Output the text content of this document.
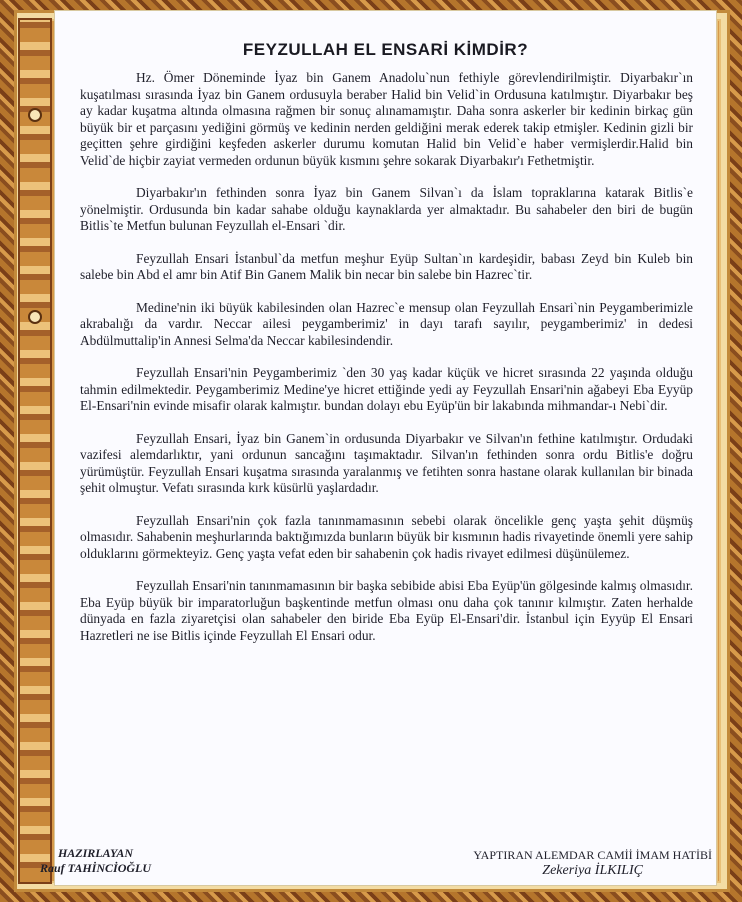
FEYZULLAH EL ENSARİ KİMDİR?

Hz. Ömer Döneminde İyaz bin Ganem Anadolu`nun fethiyle görevlendirilmiştir. Diyarbakır`ın kuşatılması sırasında İyaz bin Ganem ordusuyla beraber Halid bin Velid`in Ordusuna katılmıştır. Diyarbakır beş ay kadar kuşatma altında olmasına rağmen bir sonuç alınamamıştır. Daha sonra askerler bir kedinin birkaç gün büyük bir et parçasını yediğini görmüş ve kedinin nerden geldiğini merak ederek takip etmişler. Kedinin gizli bir geçitten şehre girdiğini keşfeden askerler durumu komutan Halid bin Velid`e haber vermişlerdir.Halid bin Velid`de hiçbir zayiat vermeden ordunun büyük kısmını şehre sokarak Diyarbakır'ı Fethetmiştir.

Diyarbakır'ın fethinden sonra İyaz bin Ganem Silvan`ı da İslam topraklarına katarak Bitlis`e yönelmiştir. Ordusunda bin kadar sahabe olduğu kaynaklarda yer almaktadır. Bu sahabeler den biri de bugün Bitlis`te Metfun bulunan Feyzullah el-Ensari `dir.

Feyzullah Ensari İstanbul`da metfun meşhur Eyüp Sultan`ın kardeşidir, babası Zeyd bin Kuleb bin salebe bin Abd el amr bin Atif Bin Ganem Malik bin necar bin salebe bin Hazrec`tir.

Medine'nin iki büyük kabilesinden olan Hazrec`e mensup olan Feyzullah Ensari`nin Peygamberimizle akrabalığı da vardır. Neccar ailesi peygamberimiz' in dayı tarafı sayılır, peygamberimiz' in dedesi Abdülmuttalip'in Annesi Selma'da Neccar kabilesindendir.

Feyzullah Ensari'nin Peygamberimiz `den 30 yaş kadar küçük ve hicret sırasında 22 yaşında olduğu tahmin edilmektedir. Peygamberimiz Medine'ye hicret ettiğinde yedi ay Feyzullah Ensari'nin ağabeyi Eba Eyyüp El-Ensari'nin evinde misafir olarak kalmıştır. bundan dolayı ebu Eyüp'ün bir lakabında mihmandar-ı Nebi`dir.

Feyzullah Ensari, İyaz bin Ganem`in ordusunda Diyarbakır ve Silvan'ın fethine katılmıştır. Ordudaki vazifesi alemdarlıktır, yani ordunun sancağını taşımaktadır. Silvan'ın fethinden sonra ordu Bitlis'e doğru yürümüştür. Feyzullah Ensari kuşatma sırasında yaralanmış ve fetihten sonra hastane olarak kullanılan bir binada şehit olmuştur. Vefatı sırasında kırk küsürlü yaşlardadır.

Feyzullah Ensari'nin çok fazla tanınmamasının sebebi olarak öncelikle genç yaşta şehit düşmüş olmasıdır. Sahabenin meşhurlarında baktığımızda bunların büyük bir kısmının hadis rivayetinde önemli yere sahip olduklarını görmekteyiz. Genç yaşta vefat eden bir sahabenin çok hadis rivayet edilmesi düşünülemez.

Feyzullah Ensari'nin tanınmamasının bir başka sebibide abisi Eba Eyüp'ün gölgesinde kalmış olmasıdır. Eba Eyüp büyük bir imparatorluğun başkentinde metfun olması onu daha çok tanınır kılmıştır. Zaten herhalde dünyada en fazla ziyaretçisi olan sahabeler den biride Eba Eyüp El-Ensari'dir. İstanbul için Eyyüp El Ensari Hazretleri ne ise Bitlis içinde Feyzullah El Ensari odur.

HAZIRLAYAN
Rauf TAHİNCİOĞLU
YAPTIRAN ALEMDAR CAMİİ İMAM HATİBİ
Zekeriya İLKILIÇ
